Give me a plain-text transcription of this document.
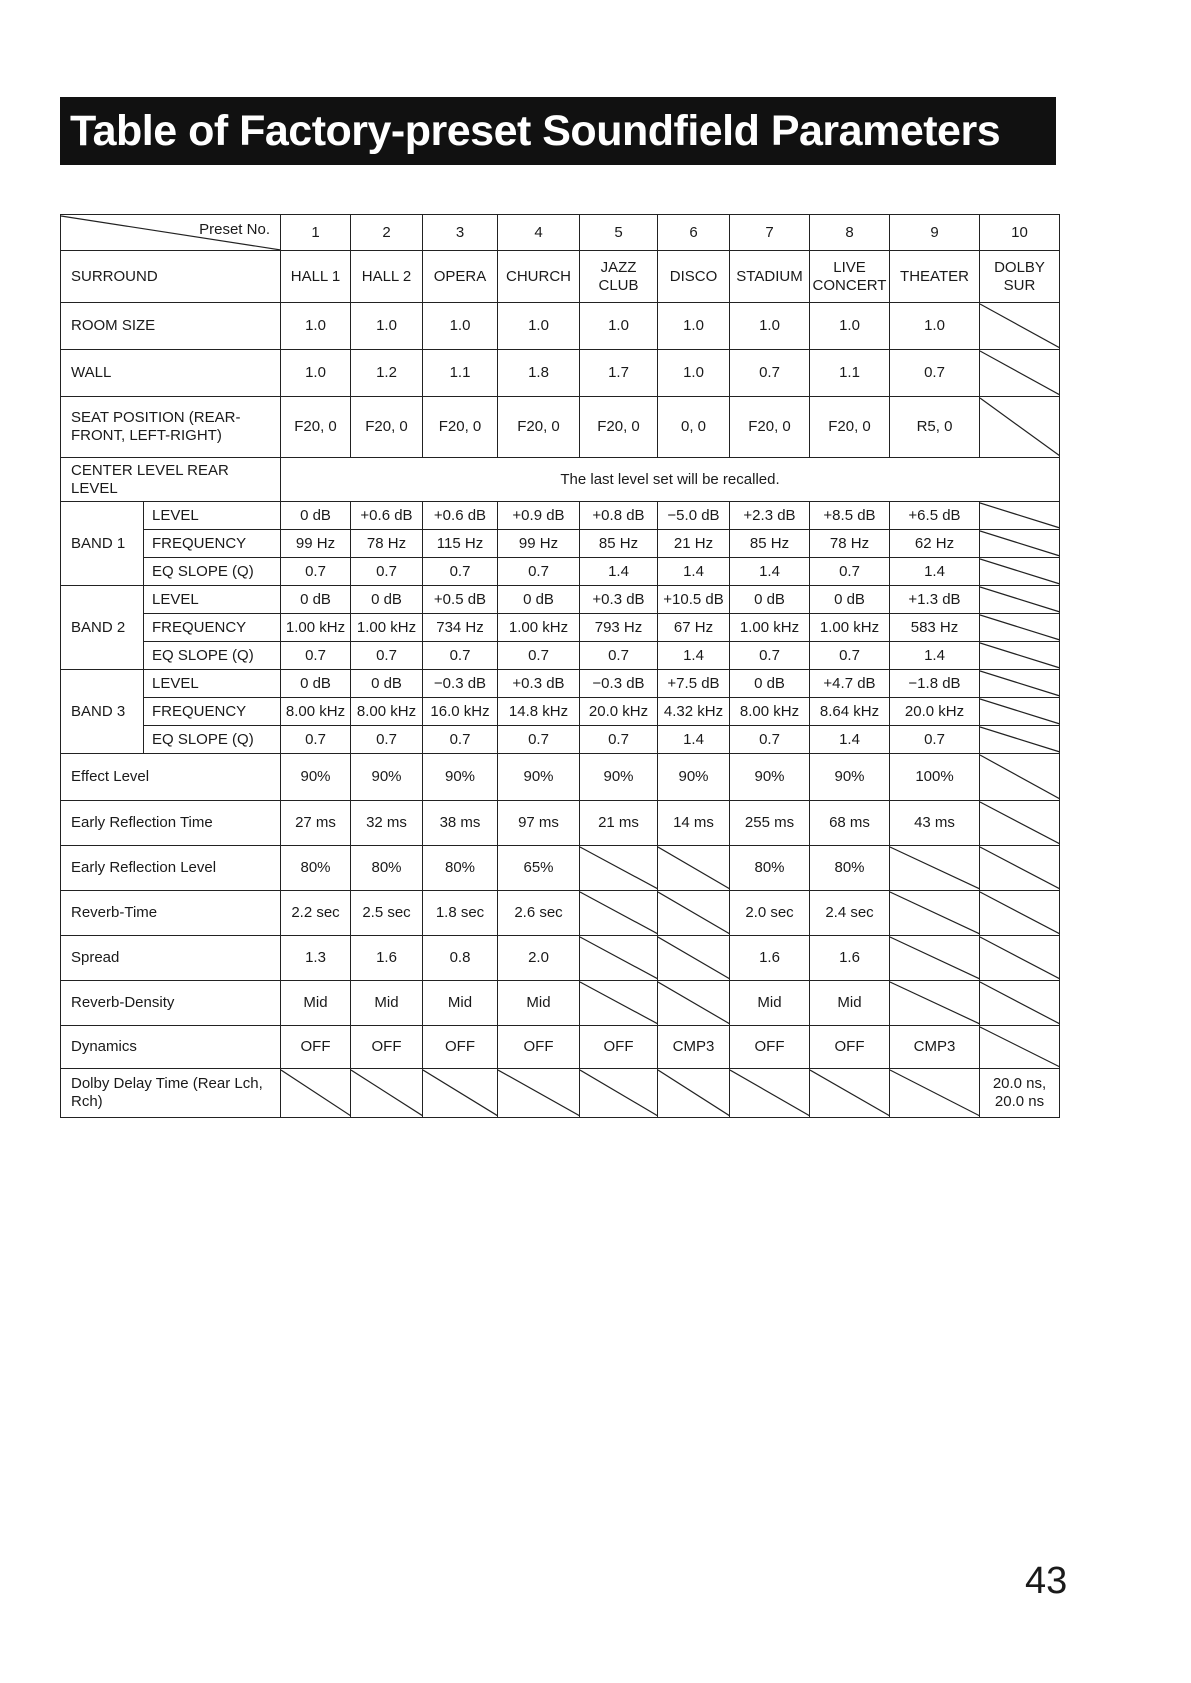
Table of Factory-preset Soundfield Parameters
Preset No.		1	2	3	4	5	6	7	8	9	10
SURROUND		HALL 1	HALL 2	OPERA	CHURCH	JAZZ CLUB	DISCO	STADIUM	LIVE CONCERT	THEATER	DOLBY SUR
ROOM SIZE		1.0	1.0	1.0	1.0	1.0	1.0	1.0	1.0	1.0	

WALL		1.0	1.2	1.1	1.8	1.7	1.0	0.7	1.1	0.7	

SEAT POSITION (REAR-FRONT, LEFT-RIGHT)		F20, 0	F20, 0	F20, 0	F20, 0	F20, 0	0, 0	F20, 0	F20, 0	R5, 0	

CENTER LEVEL REAR LEVEL		The last level set will be recalled.									
BAND 1	LEVEL	0 dB	+0.6 dB	+0.6 dB	+0.9 dB	+0.8 dB	−5.0 dB	+2.3 dB	+8.5 dB	+6.5 dB	

	FREQUENCY	99 Hz	78 Hz	115 Hz	99 Hz	85 Hz	21 Hz	85 Hz	78 Hz	62 Hz	

	EQ SLOPE (Q)	0.7	0.7	0.7	0.7	1.4	1.4	1.4	0.7	1.4	

BAND 2	LEVEL	0 dB	0 dB	+0.5 dB	0 dB	+0.3 dB	+10.5 dB	0 dB	0 dB	+1.3 dB	

	FREQUENCY	1.00 kHz	1.00 kHz	734 Hz	1.00 kHz	793 Hz	67 Hz	1.00 kHz	1.00 kHz	583 Hz	

	EQ SLOPE (Q)	0.7	0.7	0.7	0.7	0.7	1.4	0.7	0.7	1.4	

BAND 3	LEVEL	0 dB	0 dB	−0.3 dB	+0.3 dB	−0.3 dB	+7.5 dB	0 dB	+4.7 dB	−1.8 dB	

	FREQUENCY	8.00 kHz	8.00 kHz	16.0 kHz	14.8 kHz	20.0 kHz	4.32 kHz	8.00 kHz	8.64 kHz	20.0 kHz	

	EQ SLOPE (Q)	0.7	0.7	0.7	0.7	0.7	1.4	0.7	1.4	0.7	

Effect Level		90%	90%	90%	90%	90%	90%	90%	90%	100%	

Early Reflection Time		27 ms	32 ms	38 ms	97 ms	21 ms	14 ms	255 ms	68 ms	43 ms	

Early Reflection Level		80%	80%	80%	65%			80%	80%	

Reverb-Time		2.2 sec	2.5 sec	1.8 sec	2.6 sec			2.0 sec	2.4 sec	

Spread		1.3	1.6	0.8	2.0			1.6	1.6	

Reverb-Density		Mid	Mid	Mid	Mid			Mid	Mid	

Dynamics		OFF	OFF	OFF	OFF	OFF	CMP3	OFF	OFF	CMP3	

Dolby Delay Time (Rear Lch, Rch)											20.0 ns, 20.0 ns
43
